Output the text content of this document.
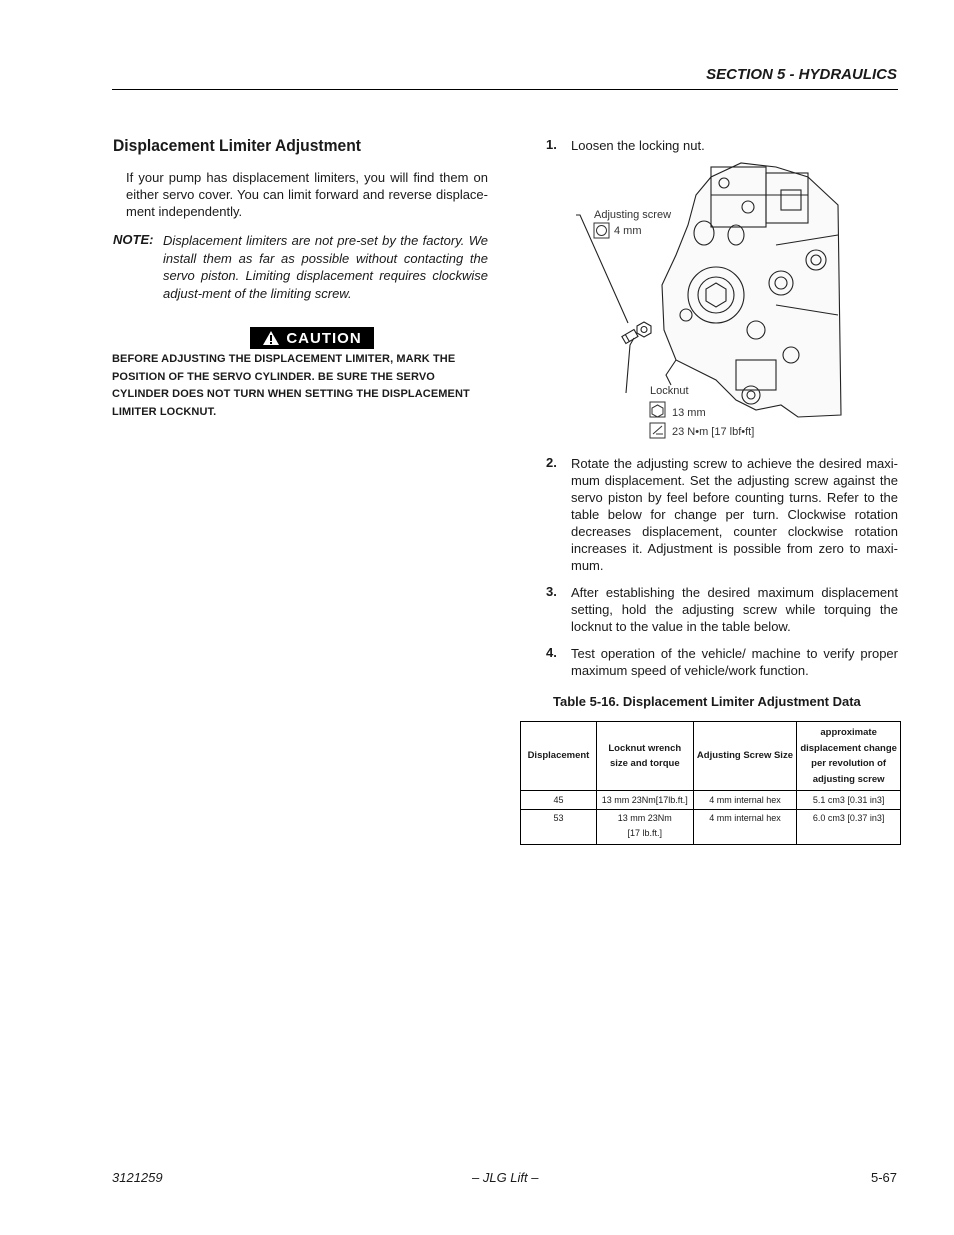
SECTION 5 - HYDRAULICS
Displacement Limiter Adjustment
If your pump has displacement limiters, you will find them on either servo cover. You can limit forward and reverse displace-ment independently.
NOTE: Displacement limiters are not pre-set by the factory. We install them as far as possible without contacting the servo piston. Limiting displacement requires clockwise adjust-ment of the limiting screw.
CAUTION
BEFORE ADJUSTING THE DISPLACEMENT LIMITER, MARK THE POSITION OF THE SERVO CYLINDER. BE SURE THE SERVO CYLINDER DOES NOT TURN WHEN SETTING THE DISPLACEMENT LIMITER LOCKNUT.
1. Loosen the locking nut.
Adjusting screw
4 mm
Locknut
13 mm
23 N•m [17 lbf•ft]
2. Rotate the adjusting screw to achieve the desired maxi-mum displacement. Set the adjusting screw against the servo piston by feel before counting turns. Refer to the table below for change per turn. Clockwise rotation decreases displacement, counter clockwise rotation increases it. Adjustment is possible from zero to maxi-mum.
3. After establishing the desired maximum displacement setting, hold the adjusting screw while torquing the locknut to the value in the table below.
4. Test operation of the vehicle/ machine to verify proper maximum speed of vehicle/work function.
Table 5-16. Displacement Limiter Adjustment Data
Displacement	Locknut wrench size and torque	Adjusting Screw Size	approximate displacement change per revolution of adjusting screw
45	13 mm 23Nm[17lb.ft.]	4 mm internal hex	5.1 cm3 [0.31 in3]
53	13 mm 23Nm [17 lb.ft.]	4 mm internal hex	6.0 cm3 [0.37 in3]
3121259	– JLG Lift –	5-67
